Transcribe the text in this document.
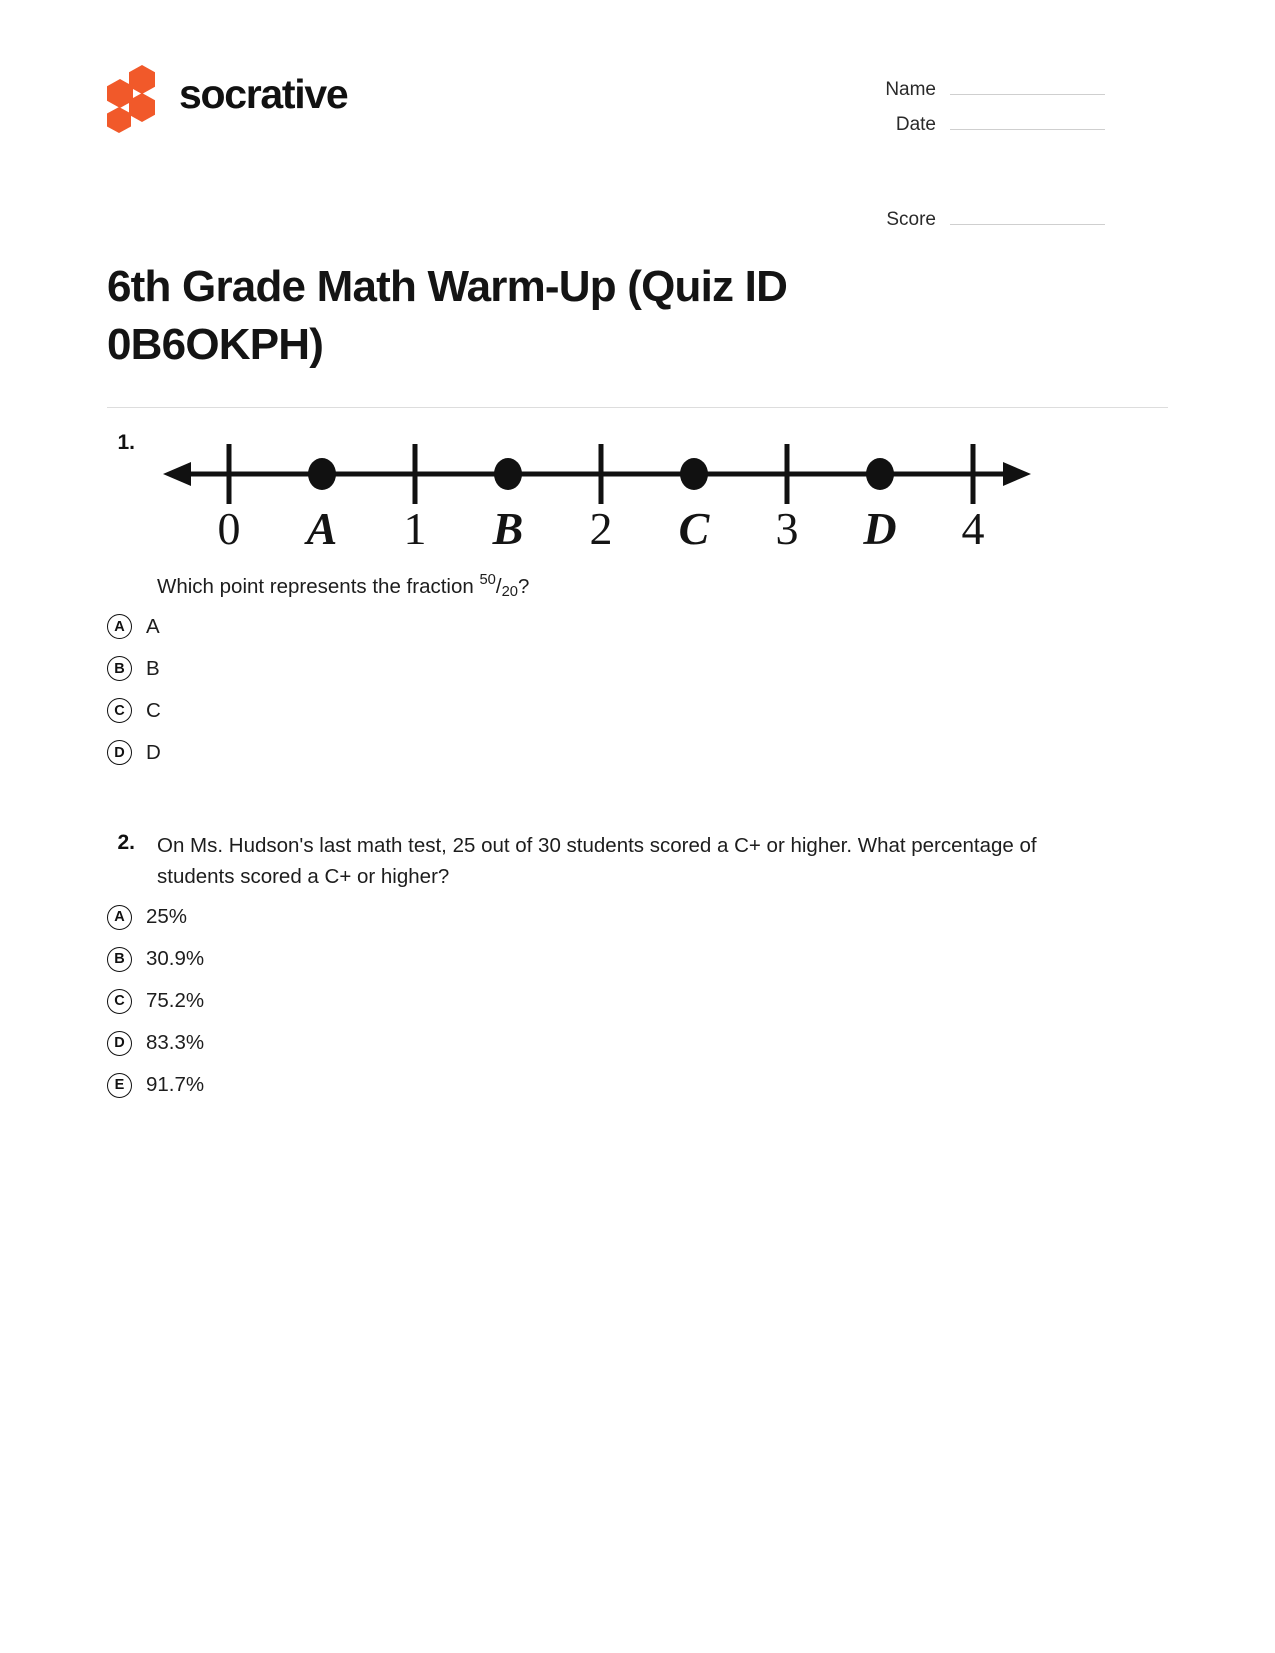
socrative	Name
Date
Score
6th Grade Math Warm-Up (Quiz ID 0B6OKPH)
1.
0 A 1 B 2 C 3 D 4
Which point represents the fraction $^{50}/_{20}$?
A	A
B	B
C	C
D	D
2.	On Ms. Hudson's last math test, 25 out of 30 students scored a C+ or higher. What percentage of students scored a C+ or higher?
A	25%
B	30.9%
C	75.2%
D	83.3%
E	91.7%
